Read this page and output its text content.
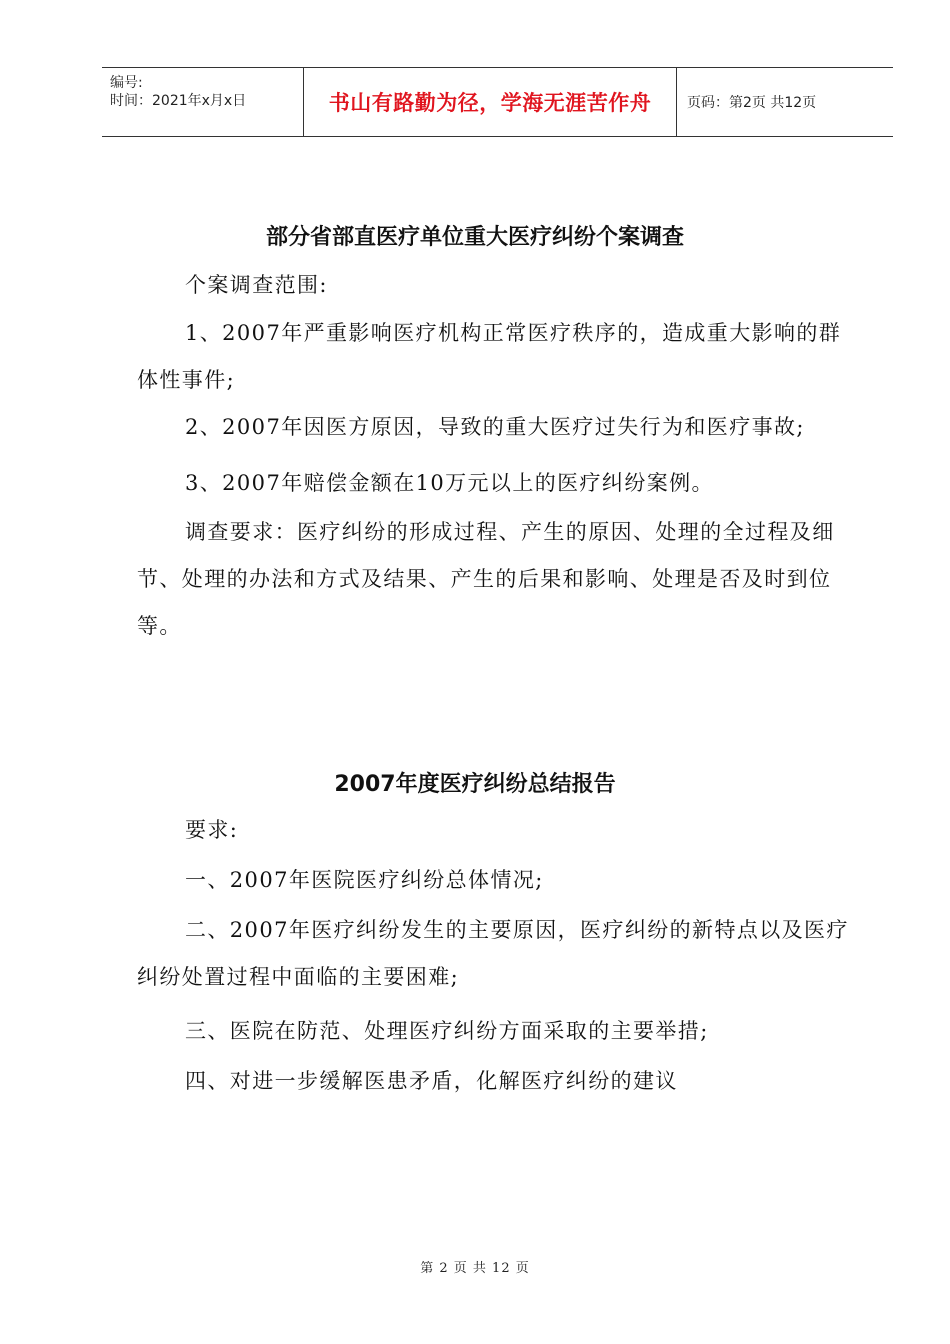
编号:
时间：2021年x月x日	书山有路勤为径，学海无涯苦作舟	页码：第2页 共12页
部分省部直医疗单位重大医疗纠纷个案调查
个案调查范围:
1、2007年严重影响医疗机构正常医疗秩序的，造成重大影响的群体性事件;
2、2007年因医方原因，导致的重大医疗过失行为和医疗事故;
3、2007年赔偿金额在10万元以上的医疗纠纷案例。
调查要求：医疗纠纷的形成过程、产生的原因、处理的全过程及细节、处理的办法和方式及结果、产生的后果和影响、处理是否及时到位等。
2007年度医疗纠纷总结报告
要求:
一、2007年医院医疗纠纷总体情况;
二、2007年医疗纠纷发生的主要原因，医疗纠纷的新特点以及医疗纠纷处置过程中面临的主要困难;
三、医院在防范、处理医疗纠纷方面采取的主要举措;
四、对进一步缓解医患矛盾，化解医疗纠纷的建议
第 2 页 共 12 页
